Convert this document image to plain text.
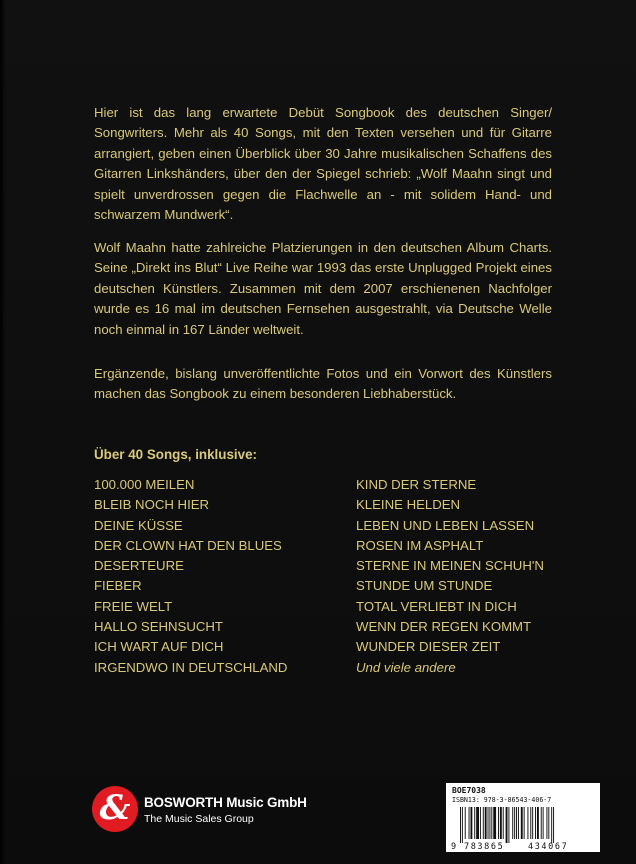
Hier ist das lang erwartete Debüt Songbook des deutschen Singer/ Songwriters. Mehr als 40 Songs, mit den Texten versehen und für Gitarre arrangiert, geben einen Überblick über 30 Jahre musikalischen Schaffens des Gitarren Linkshänders, über den der Spiegel schrieb: „Wolf Maahn singt und spielt unverdrossen gegen die Flachwelle an - mit solidem Hand- und schwarzem Mundwerk“.

Wolf Maahn hatte zahlreiche Platzierungen in den deutschen Album Charts. Seine „Direkt ins Blut“ Live Reihe war 1993 das erste Unplugged Projekt eines deutschen Künstlers. Zusammen mit dem 2007 erschienenen Nachfolger wurde es 16 mal im deutschen Fernsehen ausgestrahlt, via Deutsche Welle noch einmal in 167 Länder weltweit.

Ergänzende, bislang unveröffentlichte Fotos und ein Vorwort des Künstlers machen das Songbook zu einem besonderen Liebhaberstück.

Über 40 Songs, inklusive:
100.000 MEILEN
BLEIB NOCH HIER
DEINE KÜSSE
DER CLOWN HAT DEN BLUES
DESERTEURE
FIEBER
FREIE WELT
HALLO SEHNSUCHT
ICH WART AUF DICH
IRGENDWO IN DEUTSCHLAND
KIND DER STERNE
KLEINE HELDEN
LEBEN UND LEBEN LASSEN
ROSEN IM ASPHALT
STERNE IN MEINEN SCHUH'N
STUNDE UM STUNDE
TOTAL VERLIEBT IN DICH
WENN DER REGEN KOMMT
WUNDER DIESER ZEIT
Und viele andere
& BOSWORTH Music GmbH
The Music Sales Group
BOE7038
ISBN13: 978-3-86543-406-7
9 783865	434067
